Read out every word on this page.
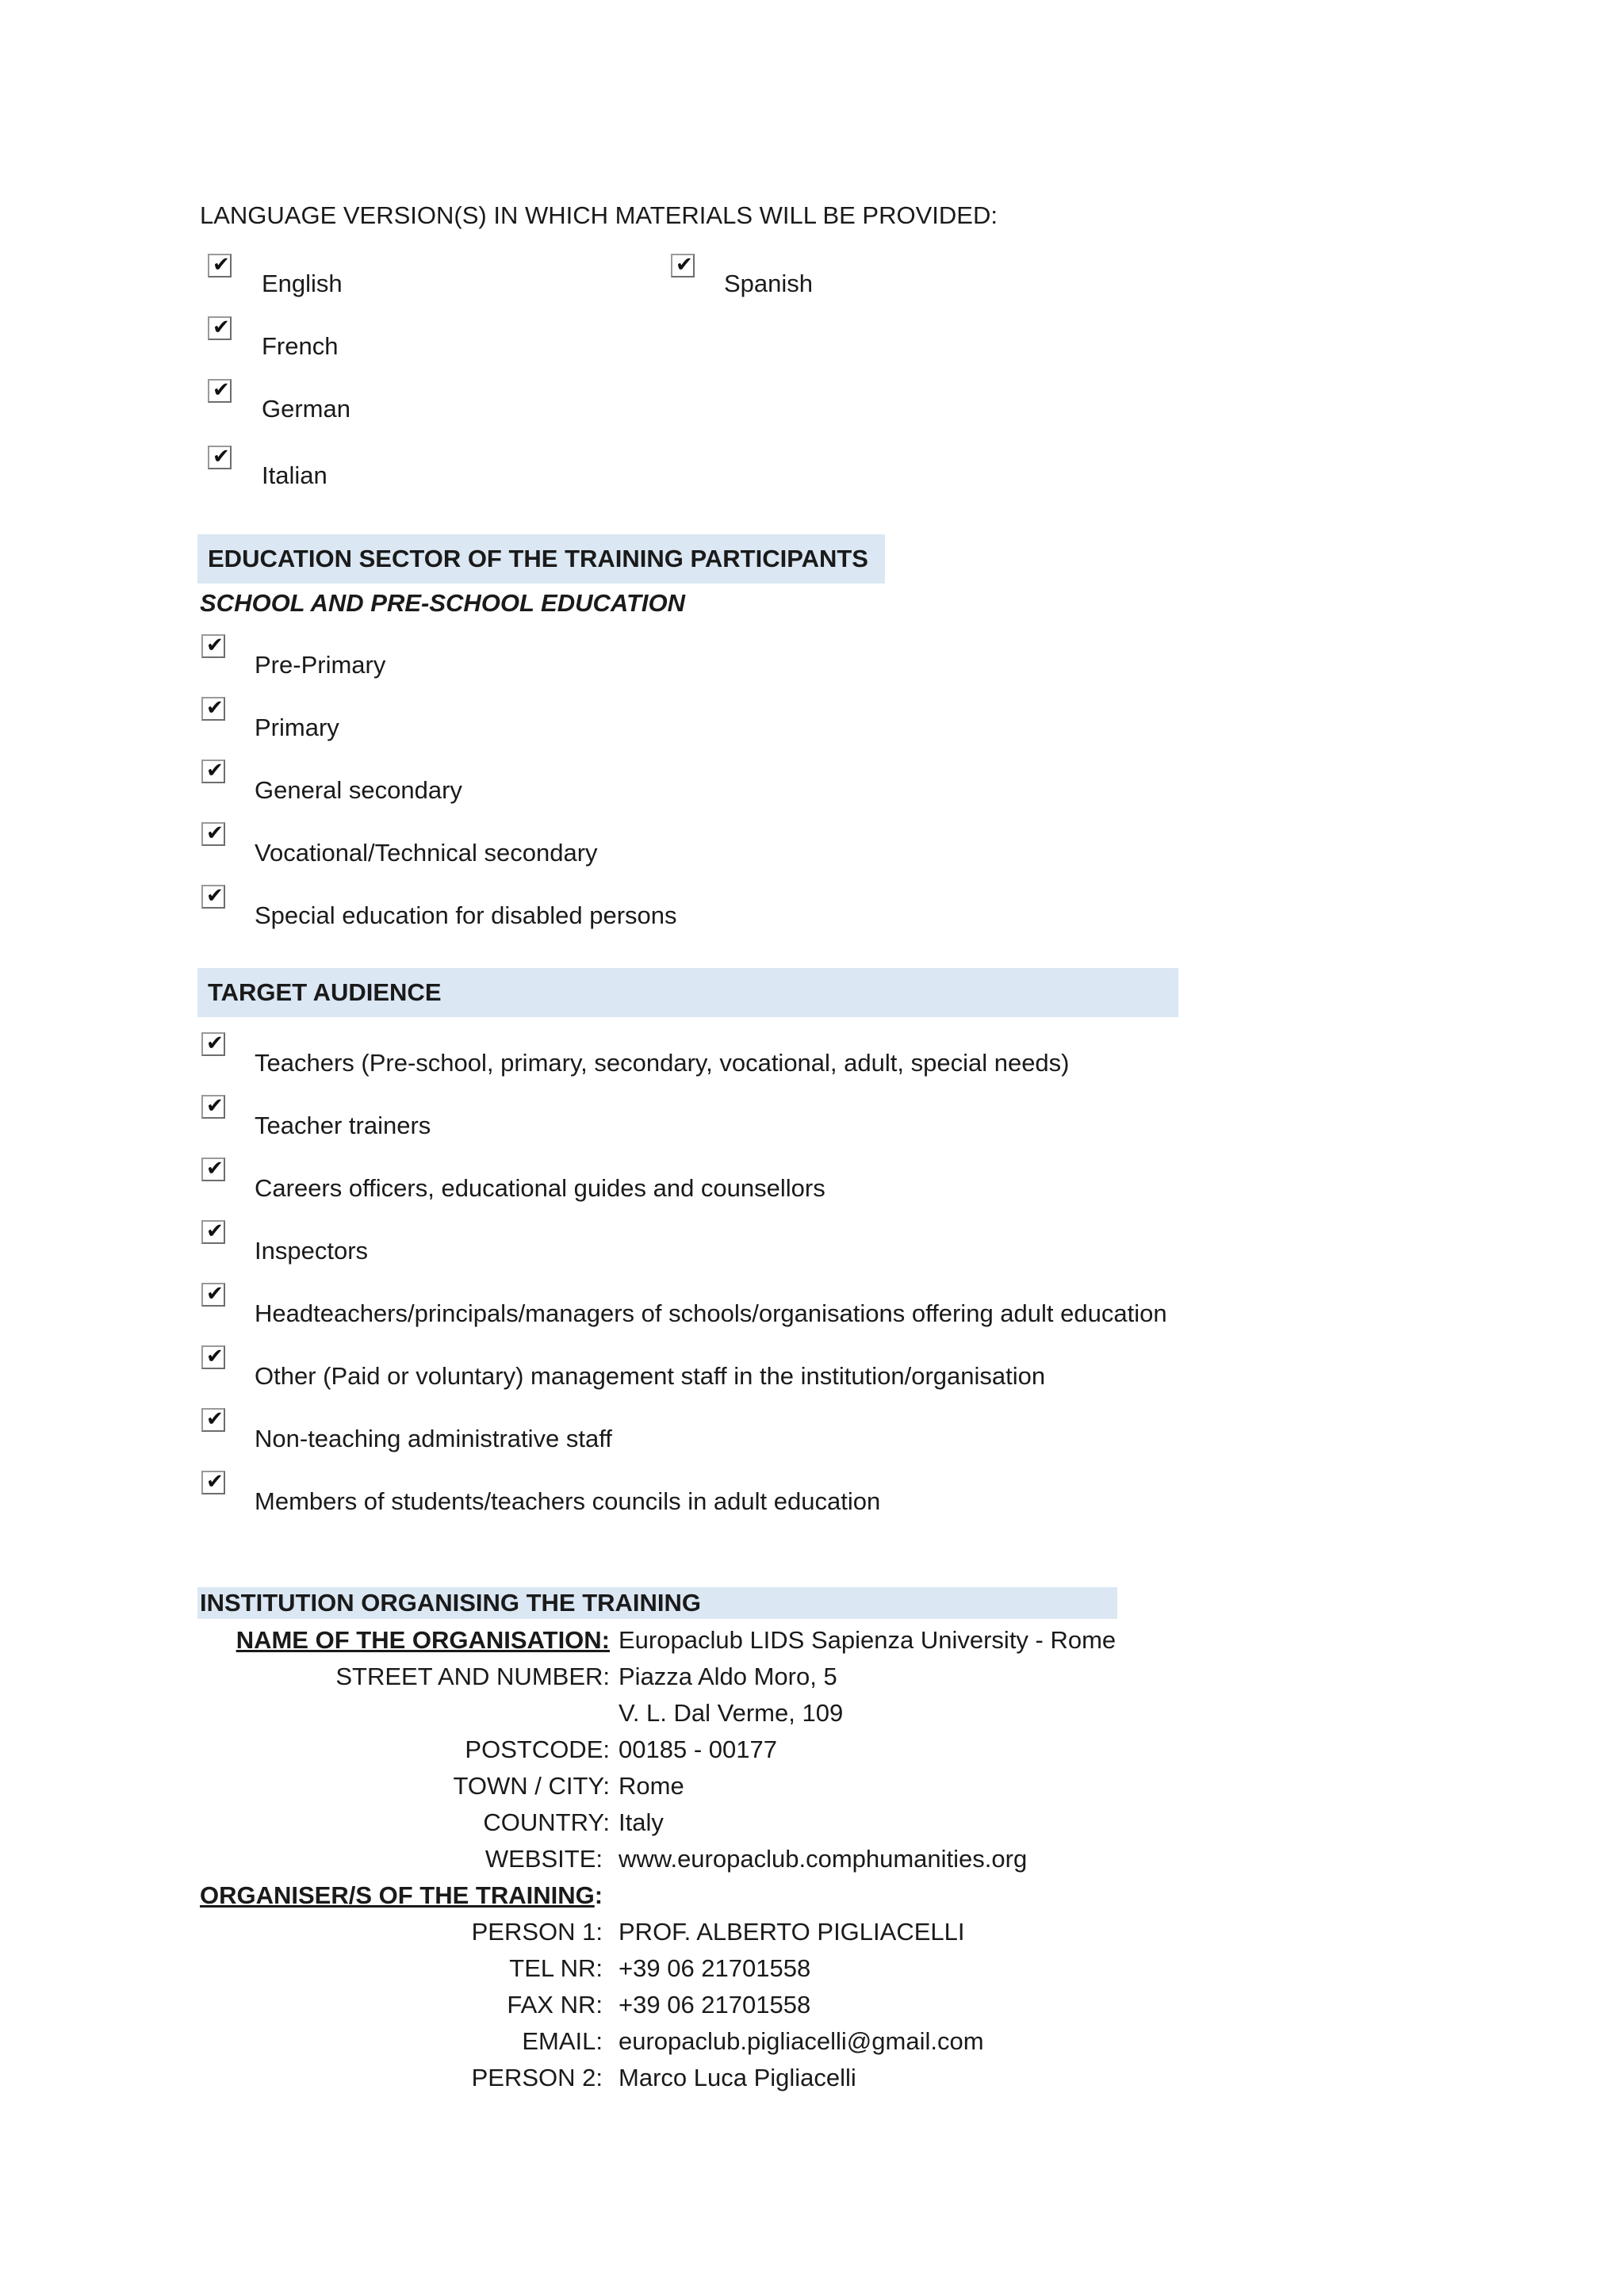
LANGUAGE VERSION(S) IN WHICH MATERIALS WILL BE PROVIDED:
✔
English
✔
Spanish
✔
French
✔
German
✔
Italian
EDUCATION SECTOR OF THE TRAINING PARTICIPANTS
SCHOOL AND PRE-SCHOOL EDUCATION
✔
Pre-Primary
✔
Primary
✔
General secondary
✔
Vocational/Technical secondary
✔
Special education for disabled persons
TARGET AUDIENCE
✔
Teachers (Pre-school, primary, secondary, vocational, adult, special needs)
✔
Teacher trainers
✔
Careers officers, educational guides and counsellors
✔
Inspectors
✔
Headteachers/principals/managers of schools/organisations offering adult education
✔
Other (Paid or voluntary) management staff in the institution/organisation
✔
Non-teaching administrative staff
✔
Members of students/teachers councils in adult education
INSTITUTION ORGANISING THE TRAINING
NAME OF THE ORGANISATION: Europaclub LIDS Sapienza University - Rome
STREET AND NUMBER: Piazza Aldo Moro, 5
V. L. Dal Verme, 109
POSTCODE: 00185 - 00177
TOWN / CITY: Rome
COUNTRY: Italy
WEBSITE: www.europaclub.comphumanities.org
ORGANISER/S OF THE TRAINING:
PERSON 1: PROF. ALBERTO PIGLIACELLI
TEL NR: +39 06 21701558
FAX NR: +39 06 21701558
EMAIL: europaclub.pigliacelli@gmail.com
PERSON 2: Marco Luca Pigliacelli
